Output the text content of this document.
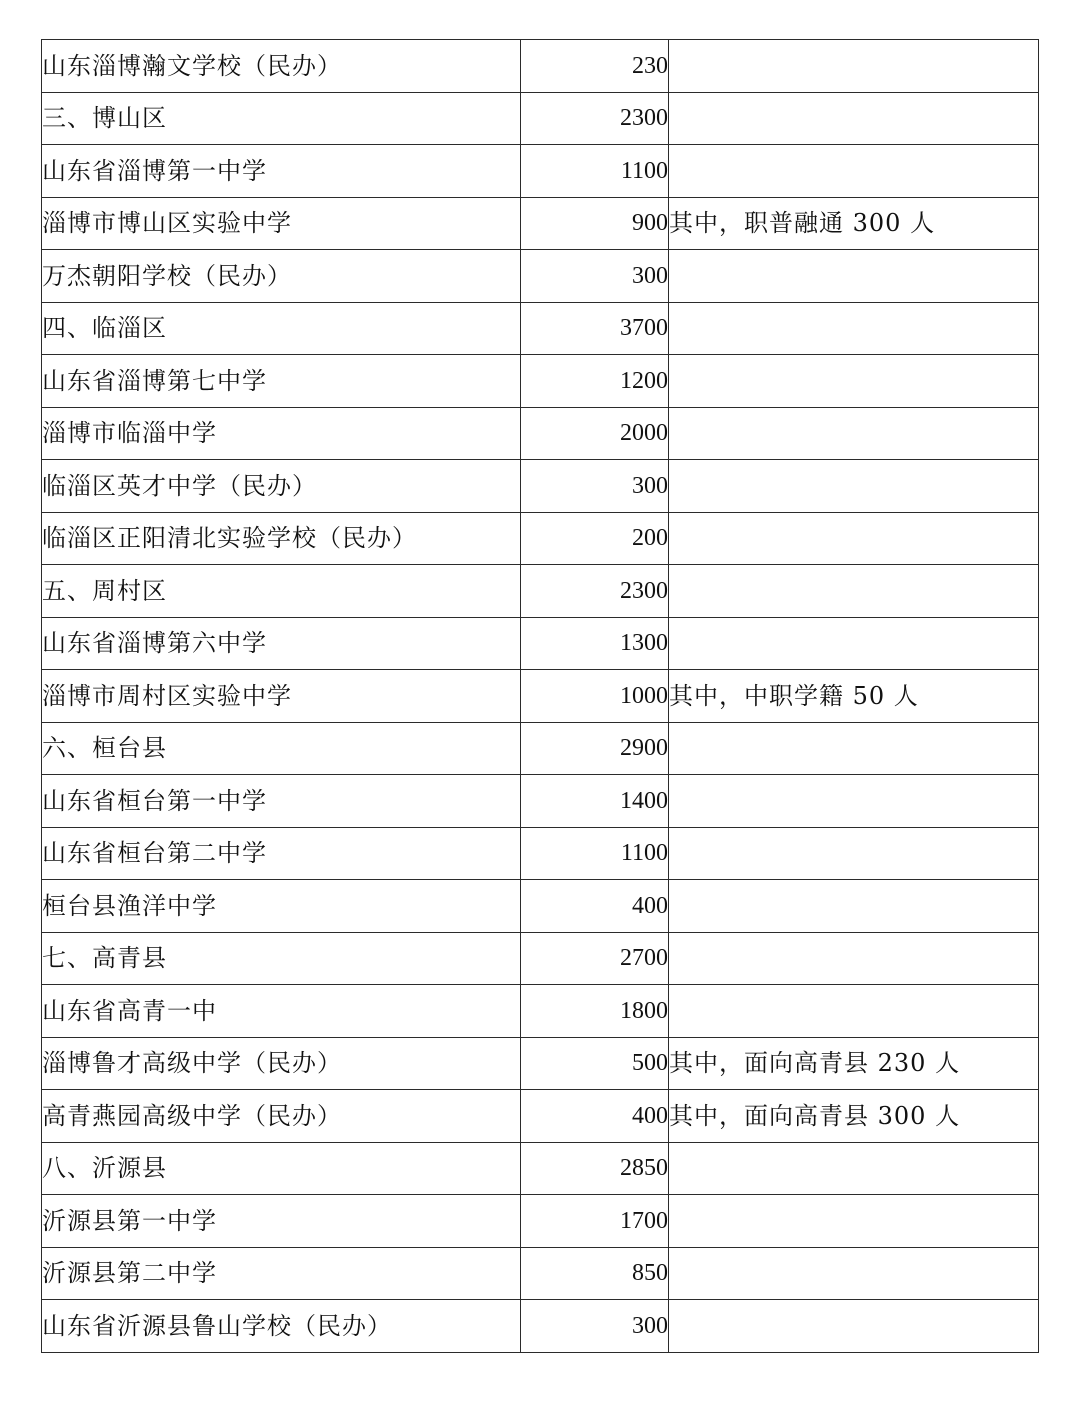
山东淄博瀚文学校（民办）	230	
三、博山区	2300	
山东省淄博第一中学	1100	
淄博市博山区实验中学	900	其中，职普融通 300 人
万杰朝阳学校（民办）	300	
四、临淄区	3700	
山东省淄博第七中学	1200	
淄博市临淄中学	2000	
临淄区英才中学（民办）	300	
临淄区正阳清北实验学校（民办）	200	
五、周村区	2300	
山东省淄博第六中学	1300	
淄博市周村区实验中学	1000	其中，中职学籍 50 人
六、桓台县	2900	
山东省桓台第一中学	1400	
山东省桓台第二中学	1100	
桓台县渔洋中学	400	
七、高青县	2700	
山东省高青一中	1800	
淄博鲁才高级中学（民办）	500	其中，面向高青县 230 人
高青燕园高级中学（民办）	400	其中，面向高青县 300 人
八、沂源县	2850	
沂源县第一中学	1700	
沂源县第二中学	850	
山东省沂源县鲁山学校（民办）	300	
